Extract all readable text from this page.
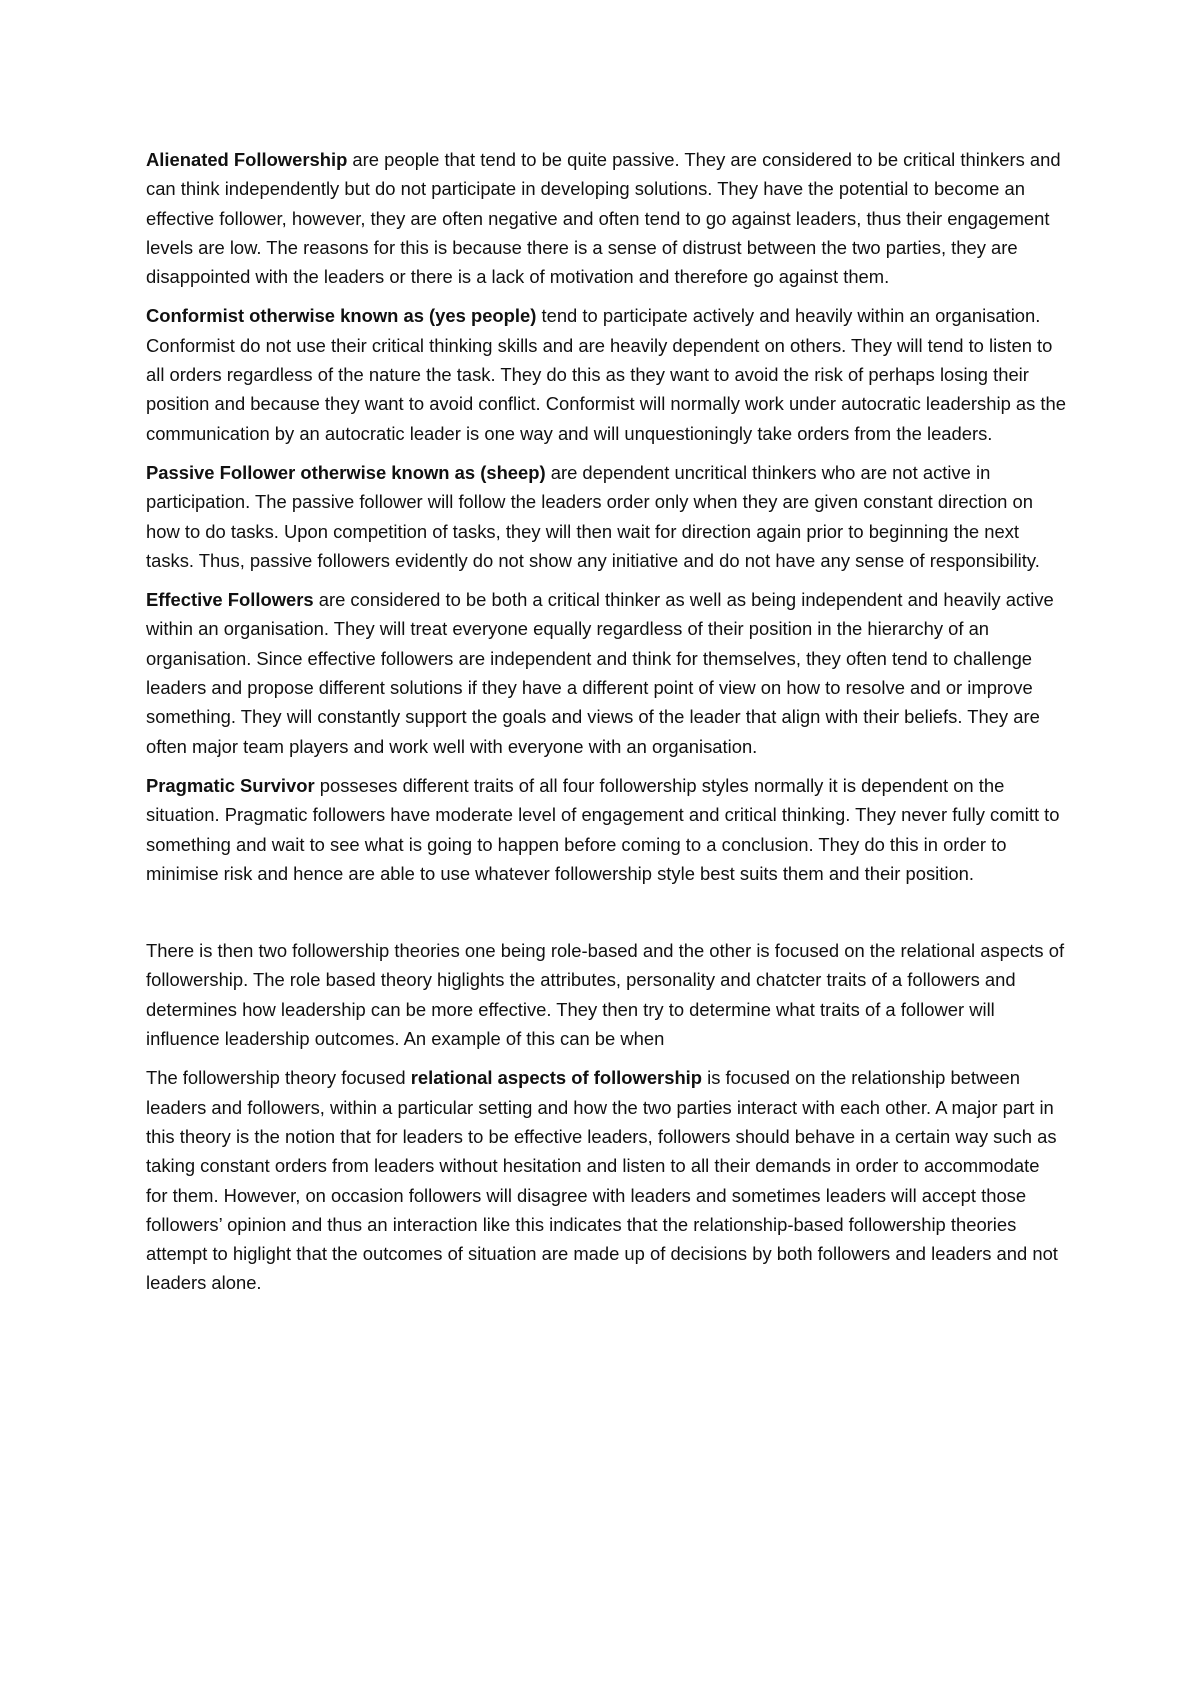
Alienated Followership are people that tend to be quite passive. They are considered to be critical thinkers and can think independently but do not participate in developing solutions. They have the potential to become an effective follower, however, they are often negative and often tend to go against leaders, thus their engagement levels are low. The reasons for this is because there is a sense of distrust between the two parties, they are disappointed with the leaders or there is a lack of motivation and therefore go against them.

Conformist otherwise known as (yes people) tend to participate actively and heavily within an organisation. Conformist do not use their critical thinking skills and are heavily dependent on others. They will tend to listen to all orders regardless of the nature the task. They do this as they want to avoid the risk of perhaps losing their position and because they want to avoid conflict. Conformist will normally work under autocratic leadership as the communication by an autocratic leader is one way and will unquestioningly take orders from the leaders.

Passive Follower otherwise known as (sheep) are dependent uncritical thinkers who are not active in participation. The passive follower will follow the leaders order only when they are given constant direction on how to do tasks. Upon competition of tasks, they will then wait for direction again prior to beginning the next tasks. Thus, passive followers evidently do not show any initiative and do not have any sense of responsibility.

Effective Followers are considered to be both a critical thinker as well as being independent and heavily active within an organisation. They will treat everyone equally regardless of their position in the hierarchy of an organisation. Since effective followers are independent and think for themselves, they often tend to challenge leaders and propose different solutions if they have a different point of view on how to resolve and or improve something. They will constantly support the goals and views of the leader that align with their beliefs. They are often major team players and work well with everyone with an organisation.

Pragmatic Survivor posseses different traits of all four followership styles normally it is dependent on the situation. Pragmatic followers have moderate level of engagement and critical thinking. They never fully comitt to something and wait to see what is going to happen before coming to a conclusion. They do this in order to minimise risk and hence are able to use whatever followership style best suits them and their position.

There is then two followership theories one being role-based and the other is focused on the relational aspects of followership. The role based theory higlights the attributes, personality and chatcter traits of a followers and determines how leadership can be more effective. They then try to determine what traits of a follower will influence leadership outcomes. An example of this can be when

The followership theory focused relational aspects of followership is focused on the relationship between leaders and followers, within a particular setting and how the two parties interact with each other. A major part in this theory is the notion that for leaders to be effective leaders, followers should behave in a certain way such as taking constant orders from leaders without hesitation and listen to all their demands in order to accommodate for them. However, on occasion followers will disagree with leaders and sometimes leaders will accept those followers’ opinion and thus an interaction like this indicates that the relationship-based followership theories attempt to higlight that the outcomes of situation are made up of decisions by both followers and leaders and not leaders alone.
